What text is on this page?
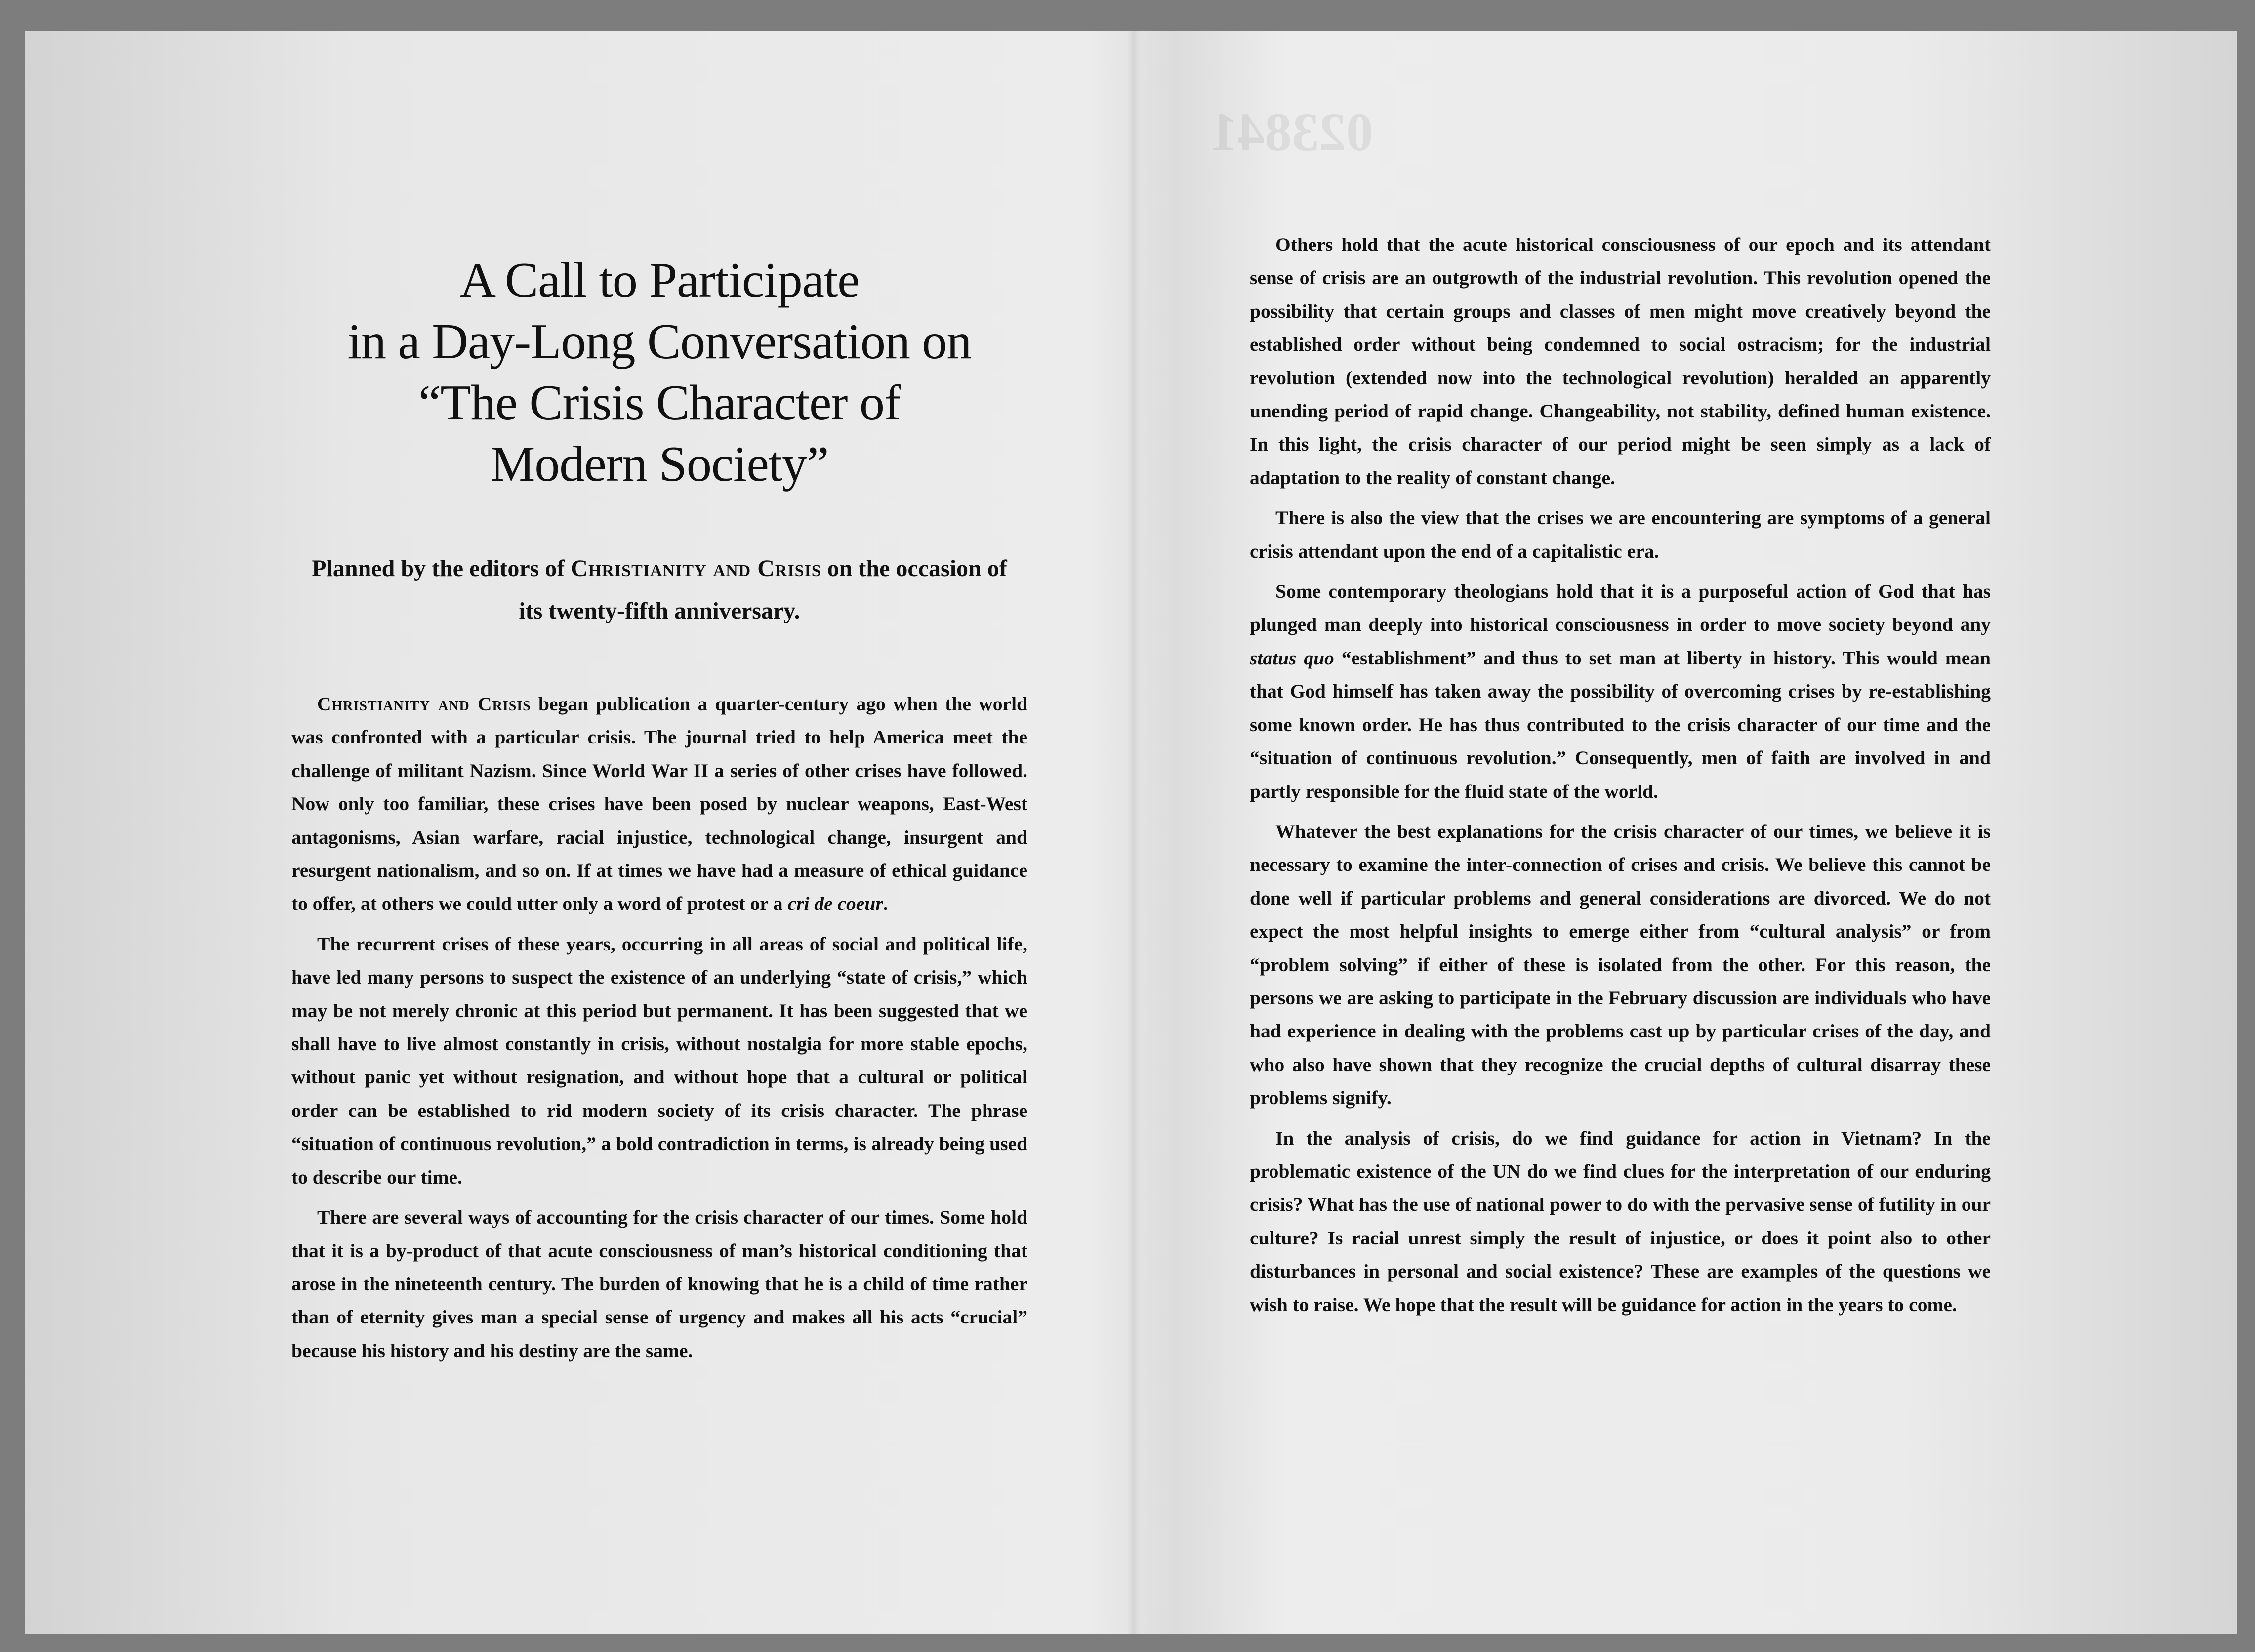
023841
A Call to Participate
in a Day-Long Conversation on
“The Crisis Character of
Modern Society”

Planned by the editors of Christianity and Crisis on the occasion of its twenty-fifth anniversary.

Christianity and Crisis began publication a quarter-century ago when the world was confronted with a particular crisis. The journal tried to help America meet the challenge of militant Nazism. Since World War II a series of other crises have followed. Now only too familiar, these crises have been posed by nuclear weapons, East-West antagonisms, Asian warfare, racial injustice, technological change, insurgent and resurgent nationalism, and so on. If at times we have had a measure of ethical guidance to offer, at others we could utter only a word of protest or a cri de coeur.

The recurrent crises of these years, occurring in all areas of social and political life, have led many persons to suspect the existence of an underlying “state of crisis,” which may be not merely chronic at this period but permanent. It has been suggested that we shall have to live almost constantly in crisis, without nostalgia for more stable epochs, without panic yet without resignation, and without hope that a cultural or political order can be established to rid modern society of its crisis character. The phrase “situation of continuous revolution,” a bold contradiction in terms, is already being used to describe our time.

There are several ways of accounting for the crisis character of our times. Some hold that it is a by-product of that acute consciousness of man’s historical conditioning that arose in the nineteenth century. The burden of knowing that he is a child of time rather than of eternity gives man a special sense of urgency and makes all his acts “crucial” because his history and his destiny are the same.

Others hold that the acute historical consciousness of our epoch and its attendant sense of crisis are an outgrowth of the industrial revolution. This revolution opened the possibility that certain groups and classes of men might move creatively beyond the established order without being condemned to social ostracism; for the industrial revolution (extended now into the technological revolution) heralded an apparently unending period of rapid change. Changeability, not stability, defined human existence. In this light, the crisis character of our period might be seen simply as a lack of adaptation to the reality of constant change.

There is also the view that the crises we are encountering are symptoms of a general crisis attendant upon the end of a capitalistic era.

Some contemporary theologians hold that it is a purposeful action of God that has plunged man deeply into historical consciousness in order to move society beyond any status quo “establishment” and thus to set man at liberty in history. This would mean that God himself has taken away the possibility of overcoming crises by re-establishing some known order. He has thus contributed to the crisis character of our time and the “situation of continuous revolution.” Consequently, men of faith are involved in and partly responsible for the fluid state of the world.

Whatever the best explanations for the crisis character of our times, we believe it is necessary to examine the inter-connection of crises and crisis. We believe this cannot be done well if particular problems and general considerations are divorced. We do not expect the most helpful insights to emerge either from “cultural analysis” or from “problem solving” if either of these is isolated from the other. For this reason, the persons we are asking to participate in the February discussion are individuals who have had experience in dealing with the problems cast up by particular crises of the day, and who also have shown that they recognize the crucial depths of cultural disarray these problems signify.

In the analysis of crisis, do we find guidance for action in Vietnam? In the problematic existence of the UN do we find clues for the interpretation of our enduring crisis? What has the use of national power to do with the pervasive sense of futility in our culture? Is racial unrest simply the result of injustice, or does it point also to other disturbances in personal and social existence? These are examples of the questions we wish to raise. We hope that the result will be guidance for action in the years to come.
